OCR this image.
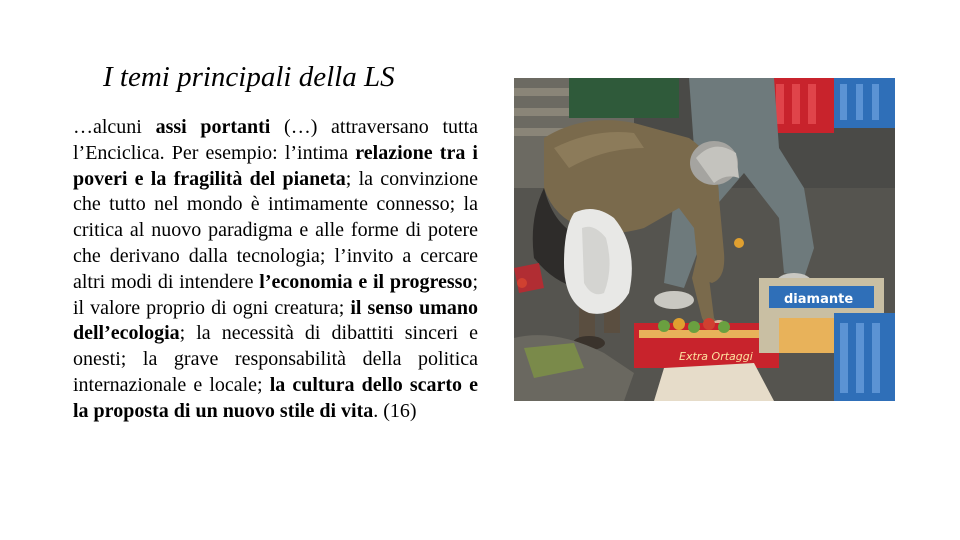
I temi principali della LS

…alcuni assi portanti (…) attraversano tutta l’Enciclica. Per esempio: l’intima relazione tra i poveri e la fragilità del pianeta; la convinzione che tutto nel mondo è intimamente connesso; la critica al nuovo paradigma e alle forme di potere che derivano dalla tecnologia; l’invito a cercare altri modi di intendere l’economia e il progresso; il valore proprio di ogni creatura; il senso umano dell’ecologia; la necessità di dibattiti sinceri e onesti; la grave responsabilità della politica internazionale e locale; la cultura dello scarto e la proposta di un nuovo stile di vita. (16)

Extra Ortaggi
diamante
